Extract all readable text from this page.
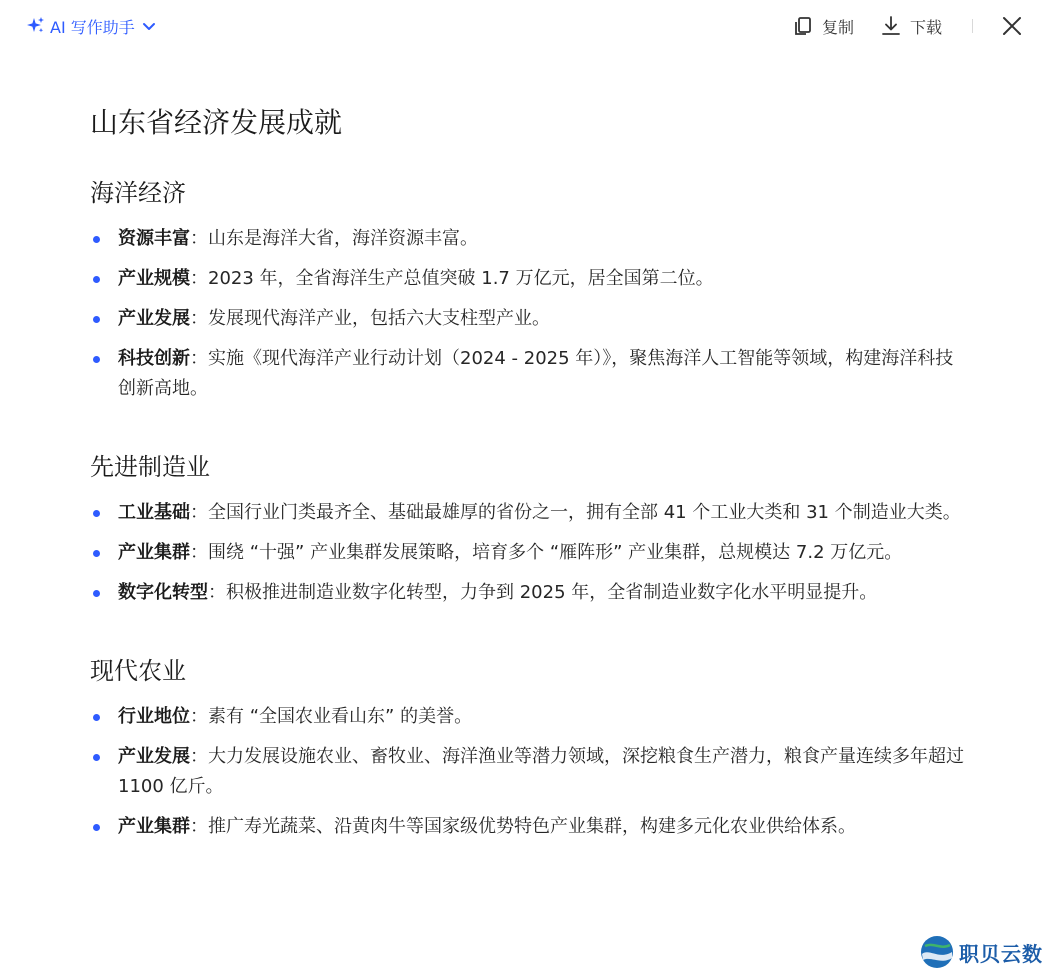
AI 写作助手	复制	下载
山东省经济发展成就
海洋经济
资源丰富：山东是海洋大省，海洋资源丰富。
产业规模：2023 年，全省海洋生产总值突破 1.7 万亿元，居全国第二位。
产业发展：发展现代海洋产业，包括六大支柱型产业。
科技创新：实施《现代海洋产业行动计划（2024 - 2025 年）》，聚焦海洋人工智能等领域，构建海洋科技创新高地。
先进制造业
工业基础：全国行业门类最齐全、基础最雄厚的省份之一，拥有全部 41 个工业大类和 31 个制造业大类。
产业集群：围绕 “十强” 产业集群发展策略，培育多个 “雁阵形” 产业集群，总规模达 7.2 万亿元。
数字化转型：积极推进制造业数字化转型，力争到 2025 年，全省制造业数字化水平明显提升。
现代农业
行业地位：素有 “全国农业看山东” 的美誉。
产业发展：大力发展设施农业、畜牧业、海洋渔业等潜力领域，深挖粮食生产潜力，粮食产量连续多年超过 1100 亿斤。
产业集群：推广寿光蔬菜、沿黄肉牛等国家级优势特色产业集群，构建多元化农业供给体系。
职贝云数
